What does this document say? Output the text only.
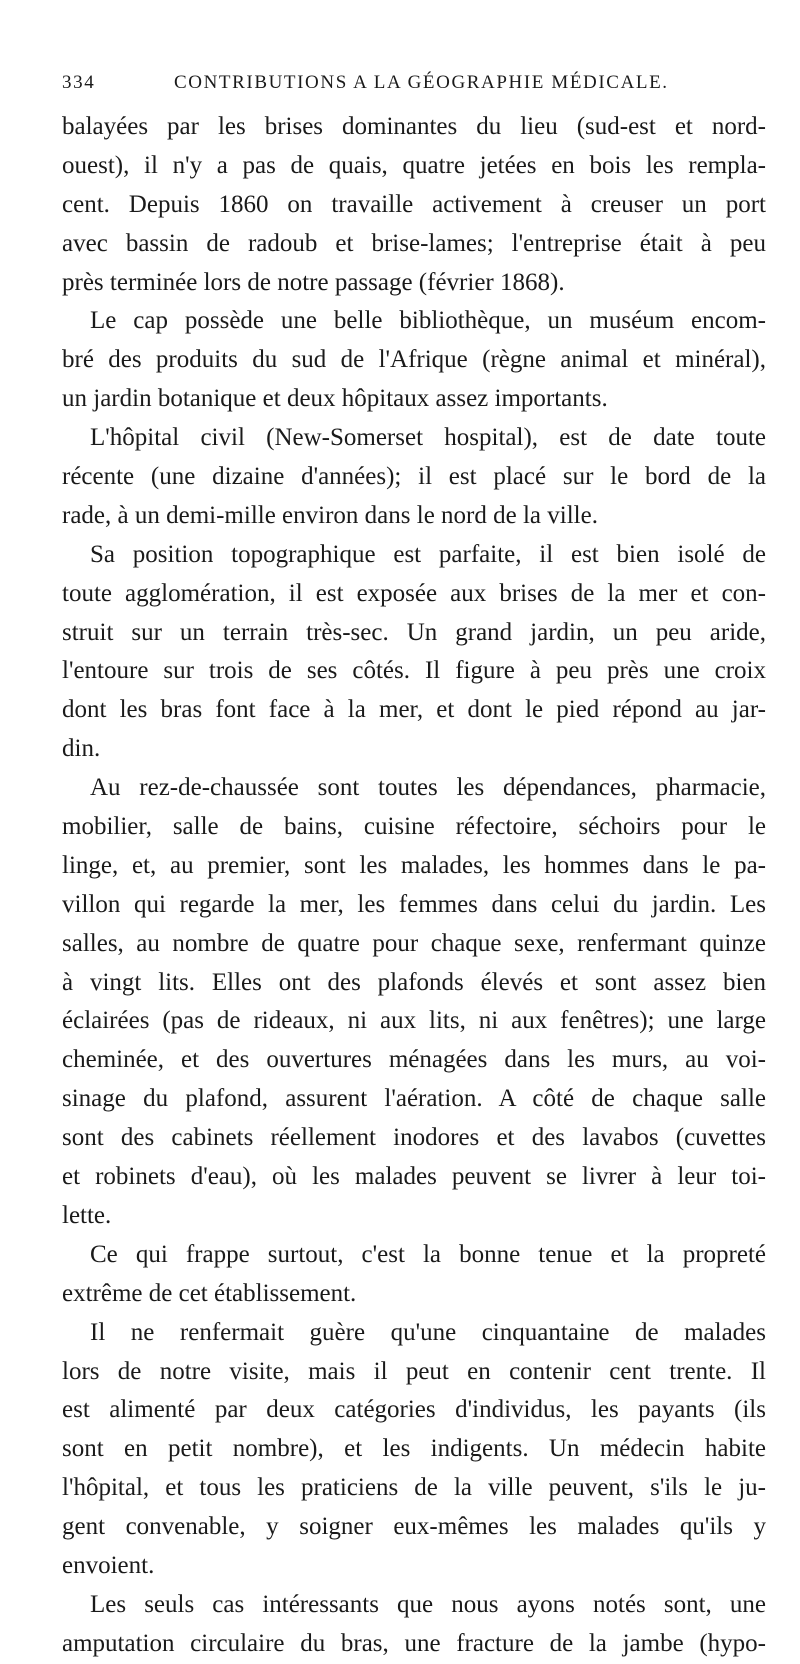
334	CONTRIBUTIONS A LA GÉOGRAPHIE MÉDICALE.
balayées par les brises dominantes du lieu (sud-est et nord-
ouest), il n'y a pas de quais, quatre jetées en bois les rempla-
cent. Depuis 1860 on travaille activement à creuser un port
avec bassin de radoub et brise-lames; l'entreprise était à peu
près terminée lors de notre passage (février 1868).
Le cap possède une belle bibliothèque, un muséum encom-
bré des produits du sud de l'Afrique (règne animal et minéral),
un jardin botanique et deux hôpitaux assez importants.
L'hôpital civil (New-Somerset hospital), est de date toute
récente (une dizaine d'années); il est placé sur le bord de la
rade, à un demi-mille environ dans le nord de la ville.
Sa position topographique est parfaite, il est bien isolé de
toute agglomération, il est exposée aux brises de la mer et con-
struit sur un terrain très-sec. Un grand jardin, un peu aride,
l'entoure sur trois de ses côtés. Il figure à peu près une croix
dont les bras font face à la mer, et dont le pied répond au jar-
din.
Au rez-de-chaussée sont toutes les dépendances, pharmacie,
mobilier, salle de bains, cuisine réfectoire, séchoirs pour le
linge, et, au premier, sont les malades, les hommes dans le pa-
villon qui regarde la mer, les femmes dans celui du jardin. Les
salles, au nombre de quatre pour chaque sexe, renfermant quinze
à vingt lits. Elles ont des plafonds élevés et sont assez bien
éclairées (pas de rideaux, ni aux lits, ni aux fenêtres); une large
cheminée, et des ouvertures ménagées dans les murs, au voi-
sinage du plafond, assurent l'aération. A côté de chaque salle
sont des cabinets réellement inodores et des lavabos (cuvettes
et robinets d'eau), où les malades peuvent se livrer à leur toi-
lette.
Ce qui frappe surtout, c'est la bonne tenue et la propreté
extrême de cet établissement.
Il ne renfermait guère qu'une cinquantaine de malades
lors de notre visite, mais il peut en contenir cent trente. Il
est alimenté par deux catégories d'individus, les payants (ils
sont en petit nombre), et les indigents. Un médecin habite
l'hôpital, et tous les praticiens de la ville peuvent, s'ils le ju-
gent convenable, y soigner eux-mêmes les malades qu'ils y
envoient.
Les seuls cas intéressants que nous ayons notés sont, une
amputation circulaire du bras, une fracture de la jambe (hypo-
